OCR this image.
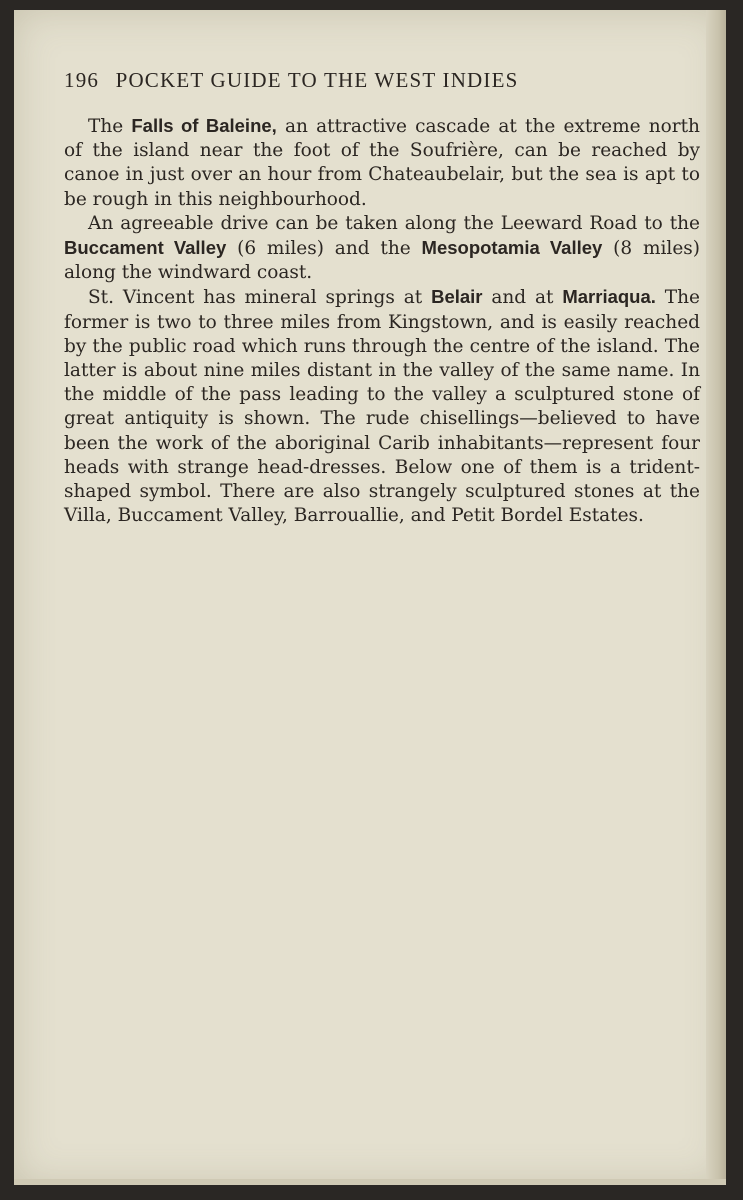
196 POCKET GUIDE TO THE WEST INDIES

The Falls of Baleine, an attractive cascade at the extreme north of the island near the foot of the Soufrière, can be reached by canoe in just over an hour from Chateaubelair, but the sea is apt to be rough in this neighbourhood.

An agreeable drive can be taken along the Leeward Road to the Buccament Valley (6 miles) and the Mesopotamia Valley (8 miles) along the windward coast.

St. Vincent has mineral springs at Belair and at Marriaqua. The former is two to three miles from Kingstown, and is easily reached by the public road which runs through the centre of the island. The latter is about nine miles distant in the valley of the same name. In the middle of the pass leading to the valley a sculptured stone of great antiquity is shown. The rude chisellings—believed to have been the work of the aboriginal Carib inhabitants—represent four heads with strange head-dresses. Below one of them is a trident-shaped symbol. There are also strangely sculptured stones at the Villa, Buccament Valley, Barrouallie, and Petit Bordel Estates.
